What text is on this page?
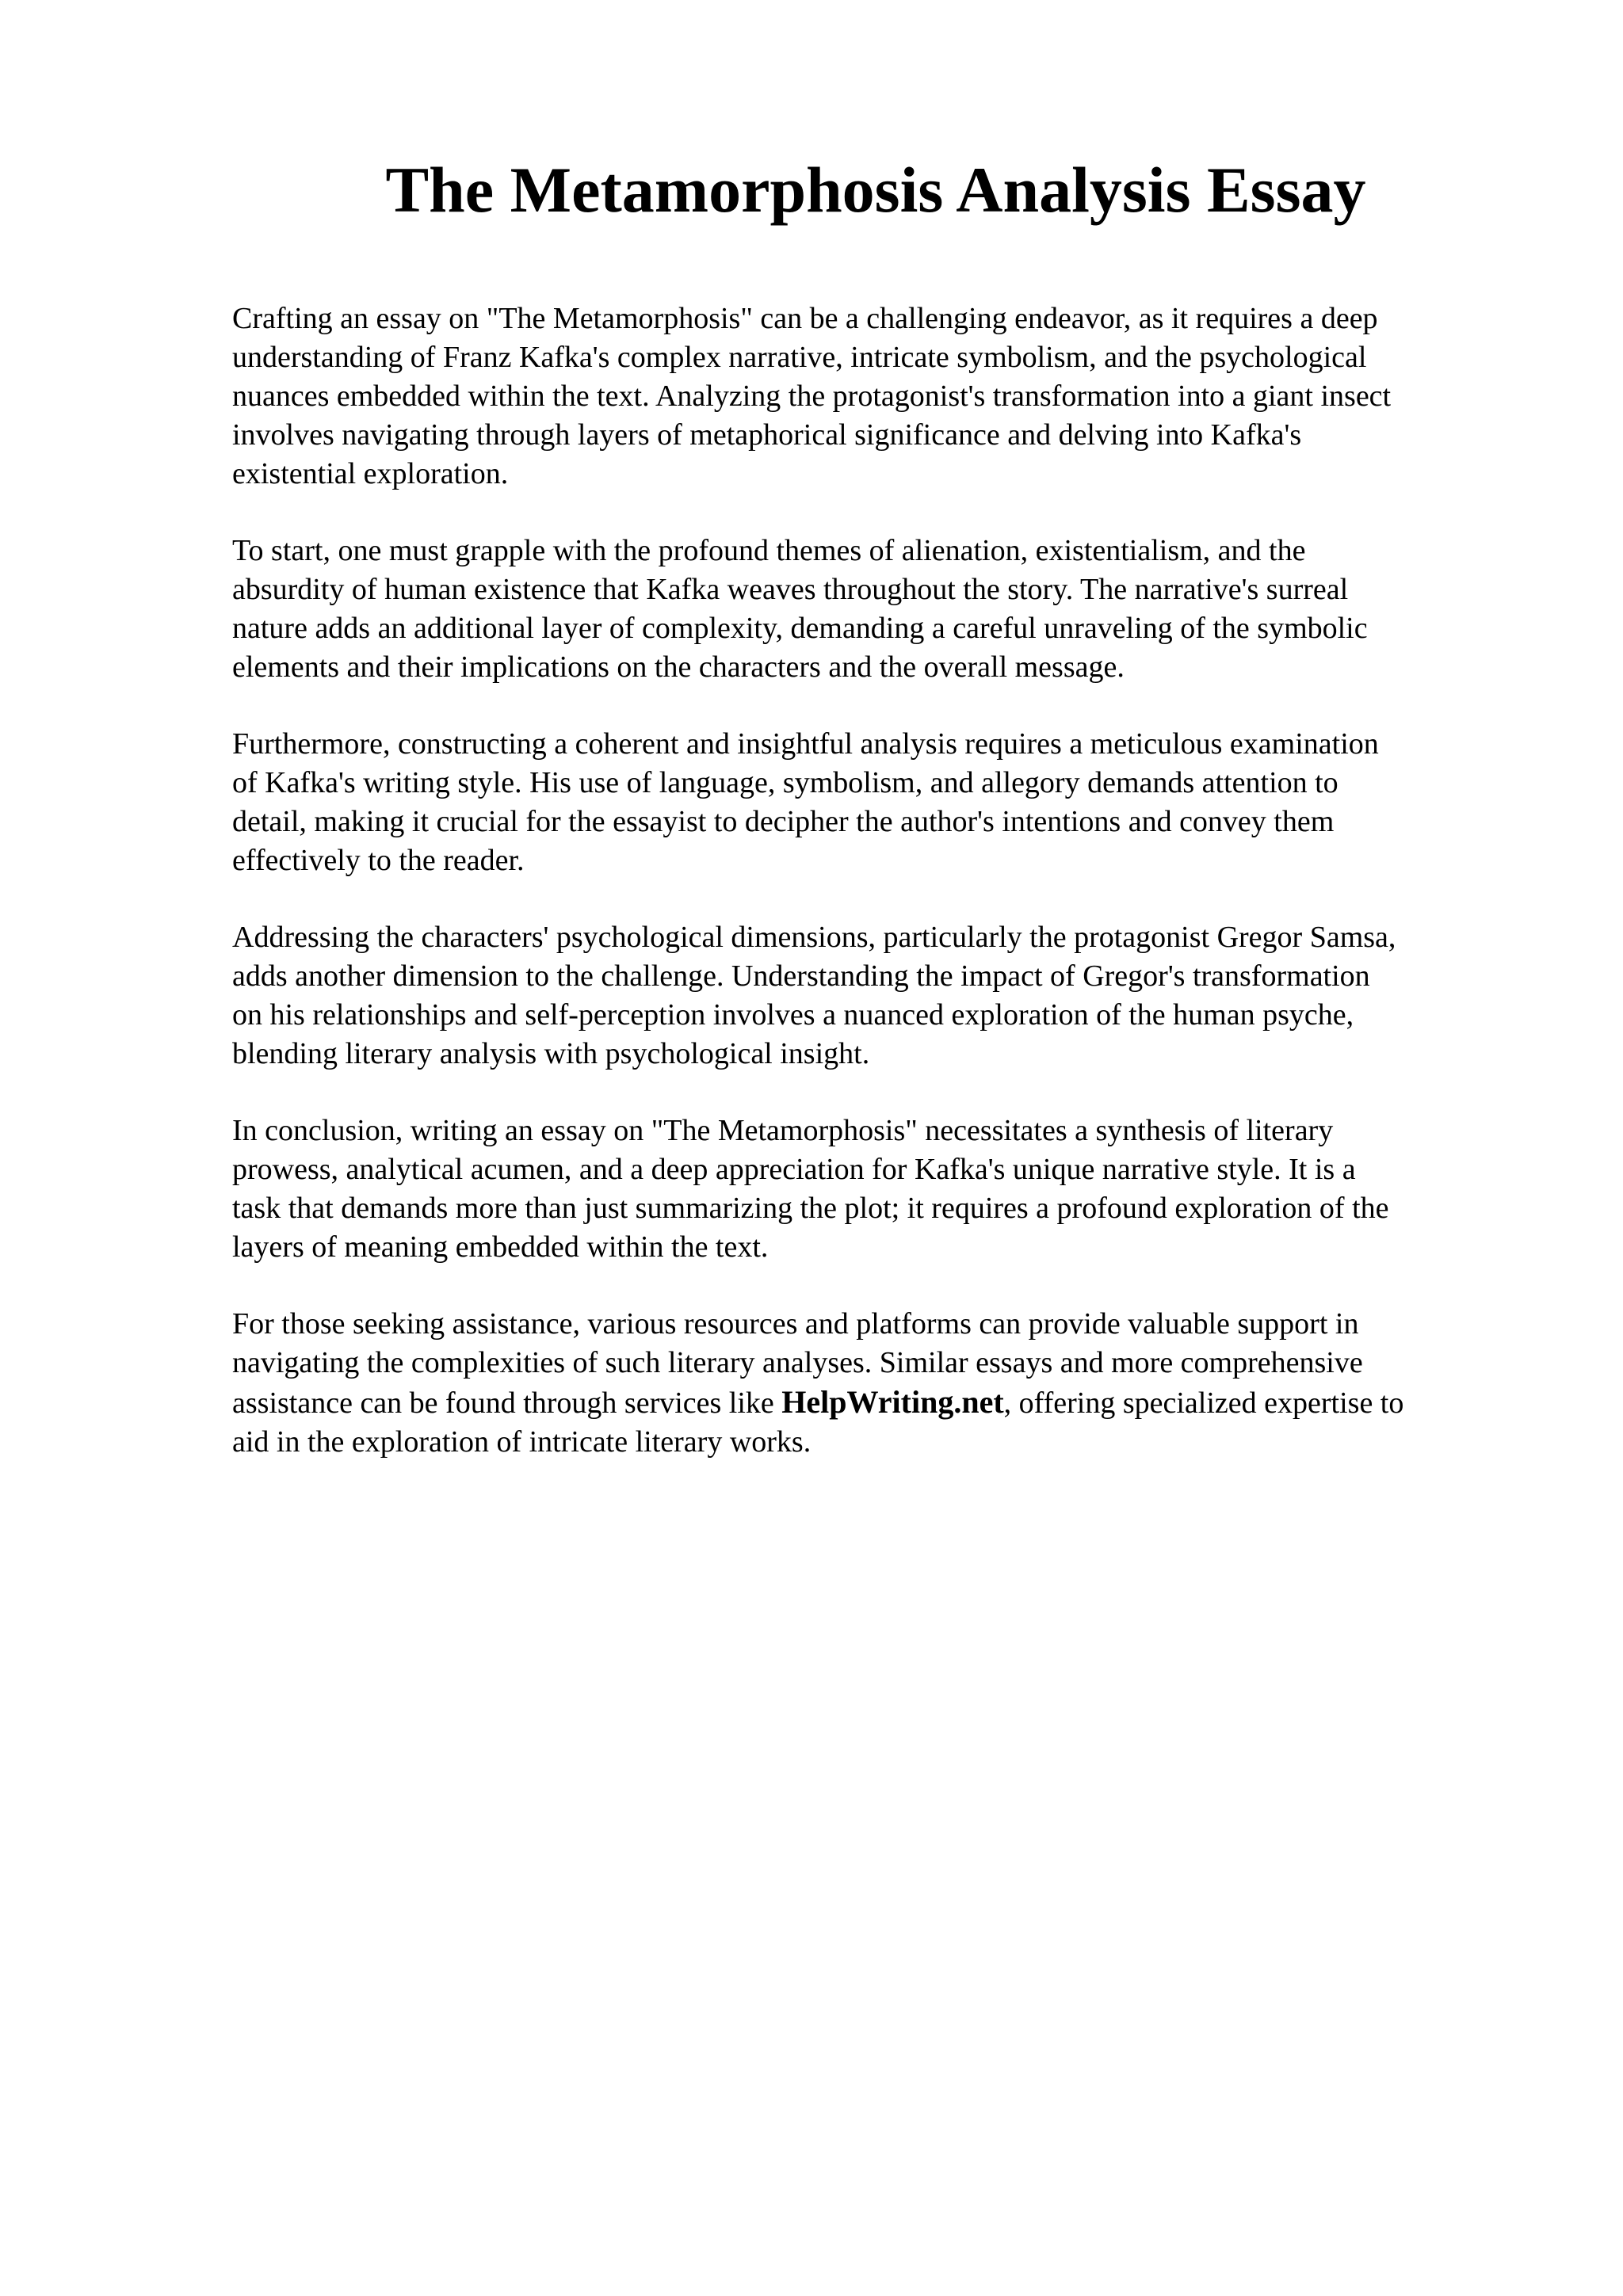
The Metamorphosis Analysis Essay

Crafting an essay on "The Metamorphosis" can be a challenging endeavor, as it requires a deep
understanding of Franz Kafka's complex narrative, intricate symbolism, and the psychological
nuances embedded within the text. Analyzing the protagonist's transformation into a giant insect
involves navigating through layers of metaphorical significance and delving into Kafka's
existential exploration.

To start, one must grapple with the profound themes of alienation, existentialism, and the
absurdity of human existence that Kafka weaves throughout the story. The narrative's surreal
nature adds an additional layer of complexity, demanding a careful unraveling of the symbolic
elements and their implications on the characters and the overall message.

Furthermore, constructing a coherent and insightful analysis requires a meticulous examination
of Kafka's writing style. His use of language, symbolism, and allegory demands attention to
detail, making it crucial for the essayist to decipher the author's intentions and convey them
effectively to the reader.

Addressing the characters' psychological dimensions, particularly the protagonist Gregor Samsa,
adds another dimension to the challenge. Understanding the impact of Gregor's transformation
on his relationships and self-perception involves a nuanced exploration of the human psyche,
blending literary analysis with psychological insight.

In conclusion, writing an essay on "The Metamorphosis" necessitates a synthesis of literary
prowess, analytical acumen, and a deep appreciation for Kafka's unique narrative style. It is a
task that demands more than just summarizing the plot; it requires a profound exploration of the
layers of meaning embedded within the text.

For those seeking assistance, various resources and platforms can provide valuable support in
navigating the complexities of such literary analyses. Similar essays and more comprehensive
assistance can be found through services like HelpWriting.net, offering specialized expertise to
aid in the exploration of intricate literary works.
